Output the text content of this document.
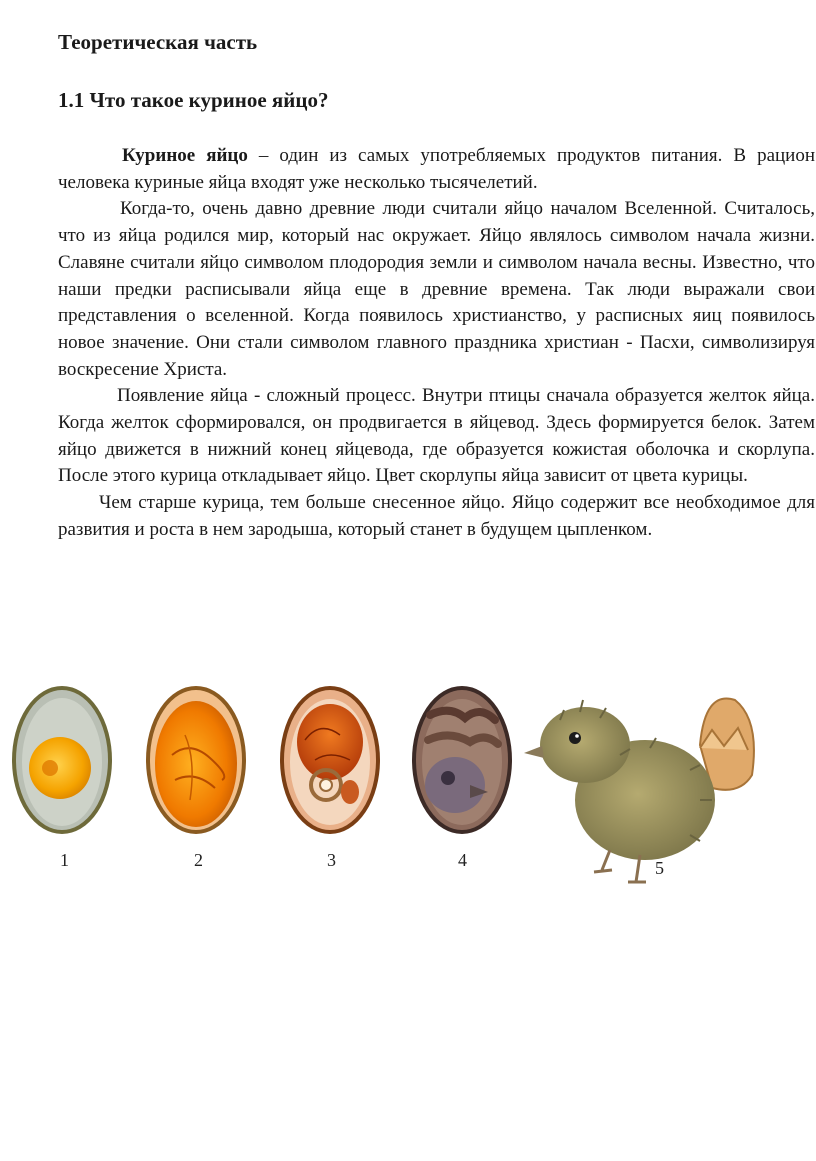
Теоретическая часть
1.1 Что такое куриное яйцо?

Куриное яйцо – один из самых употребляемых продуктов питания. В рацион человека куриные яйца входят уже несколько тысячелетий.

Когда-то, очень давно древние люди считали яйцо началом Вселенной. Считалось, что из яйца родился мир, который нас окружает. Яйцо являлось символом начала жизни. Славяне считали яйцо символом плодородия земли и символом начала весны. Известно, что наши предки расписывали яйца еще в древние времена. Так люди выражали свои представления о вселенной. Когда появилось христианство, у расписных яиц появилось новое значение. Они стали символом главного праздника христиан - Пасхи, символизируя воскресение Христа.

Появление яйца - сложный процесс. Внутри птицы сначала образуется желток яйца. Когда желток сформировался, он продвигается в яйцевод. Здесь формируется белок. Затем яйцо движется в нижний конец яйцевода, где образуется кожистая оболочка и скорлупа. После этого курица откладывает яйцо. Цвет скорлупы яйца зависит от цвета курицы.

Чем старше курица, тем больше снесенное яйцо. Яйцо содержит все необходимое для развития и роста в нем зародыша, который станет в будущем цыпленком.

1	2	3	4	5
